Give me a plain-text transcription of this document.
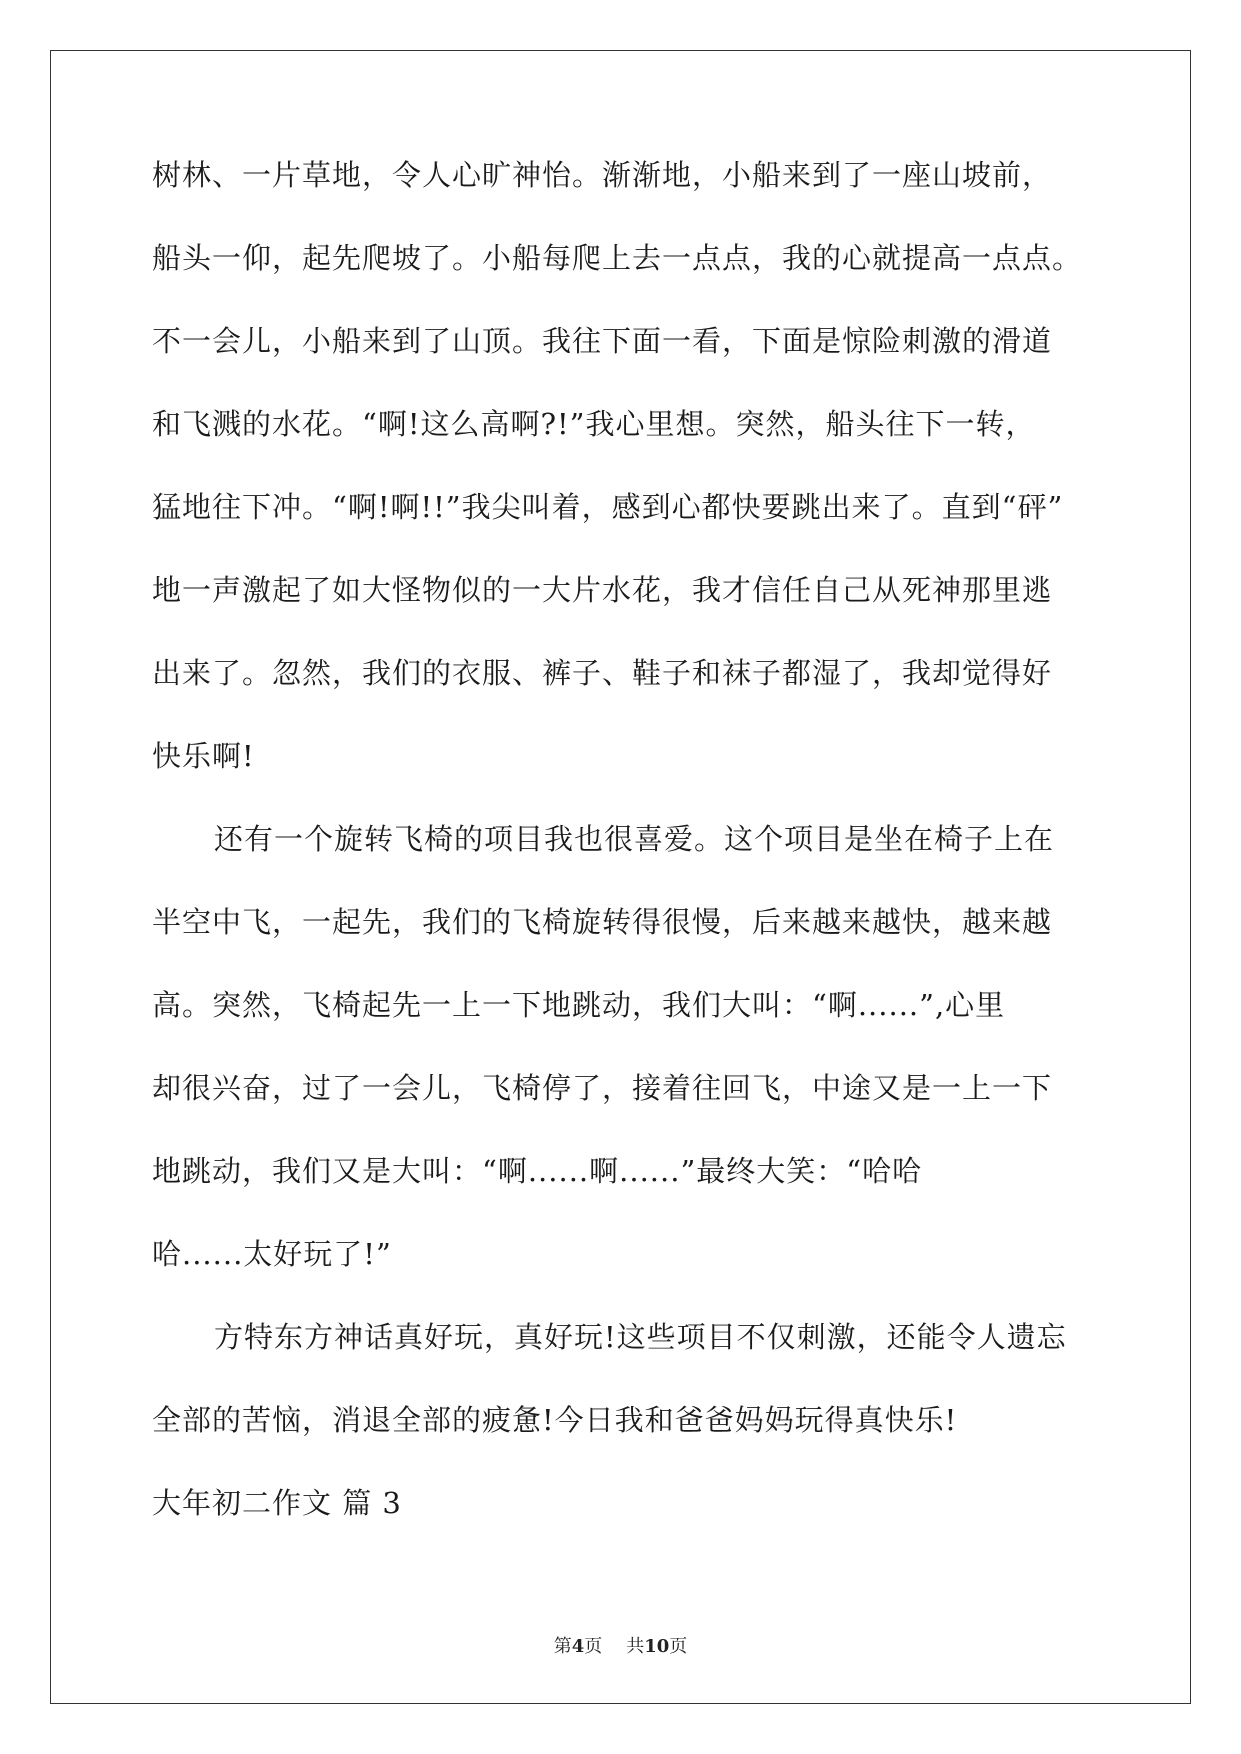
树林、一片草地，令人心旷神怡。渐渐地，小船来到了一座山坡前，
船头一仰，起先爬坡了。小船每爬上去一点点，我的心就提高一点点。
不一会儿，小船来到了山顶。我往下面一看，下面是惊险刺激的滑道
和飞溅的水花。“啊!这么高啊?!”我心里想。突然，船头往下一转，
猛地往下冲。“啊!啊!!”我尖叫着，感到心都快要跳出来了。直到“砰”
地一声激起了如大怪物似的一大片水花，我才信任自己从死神那里逃
出来了。忽然，我们的衣服、裤子、鞋子和袜子都湿了，我却觉得好
快乐啊!
还有一个旋转飞椅的项目我也很喜爱。这个项目是坐在椅子上在
半空中飞，一起先，我们的飞椅旋转得很慢，后来越来越快，越来越
高。突然，飞椅起先一上一下地跳动，我们大叫：“啊......”,心里
却很兴奋，过了一会儿，飞椅停了，接着往回飞，中途又是一上一下
地跳动，我们又是大叫：“啊......啊......”最终大笑：“哈哈
哈......太好玩了!”
方特东方神话真好玩，真好玩!这些项目不仅刺激，还能令人遗忘
全部的苦恼，消退全部的疲惫!今日我和爸爸妈妈玩得真快乐!
大年初二作文 篇 3
第4页 共10页
